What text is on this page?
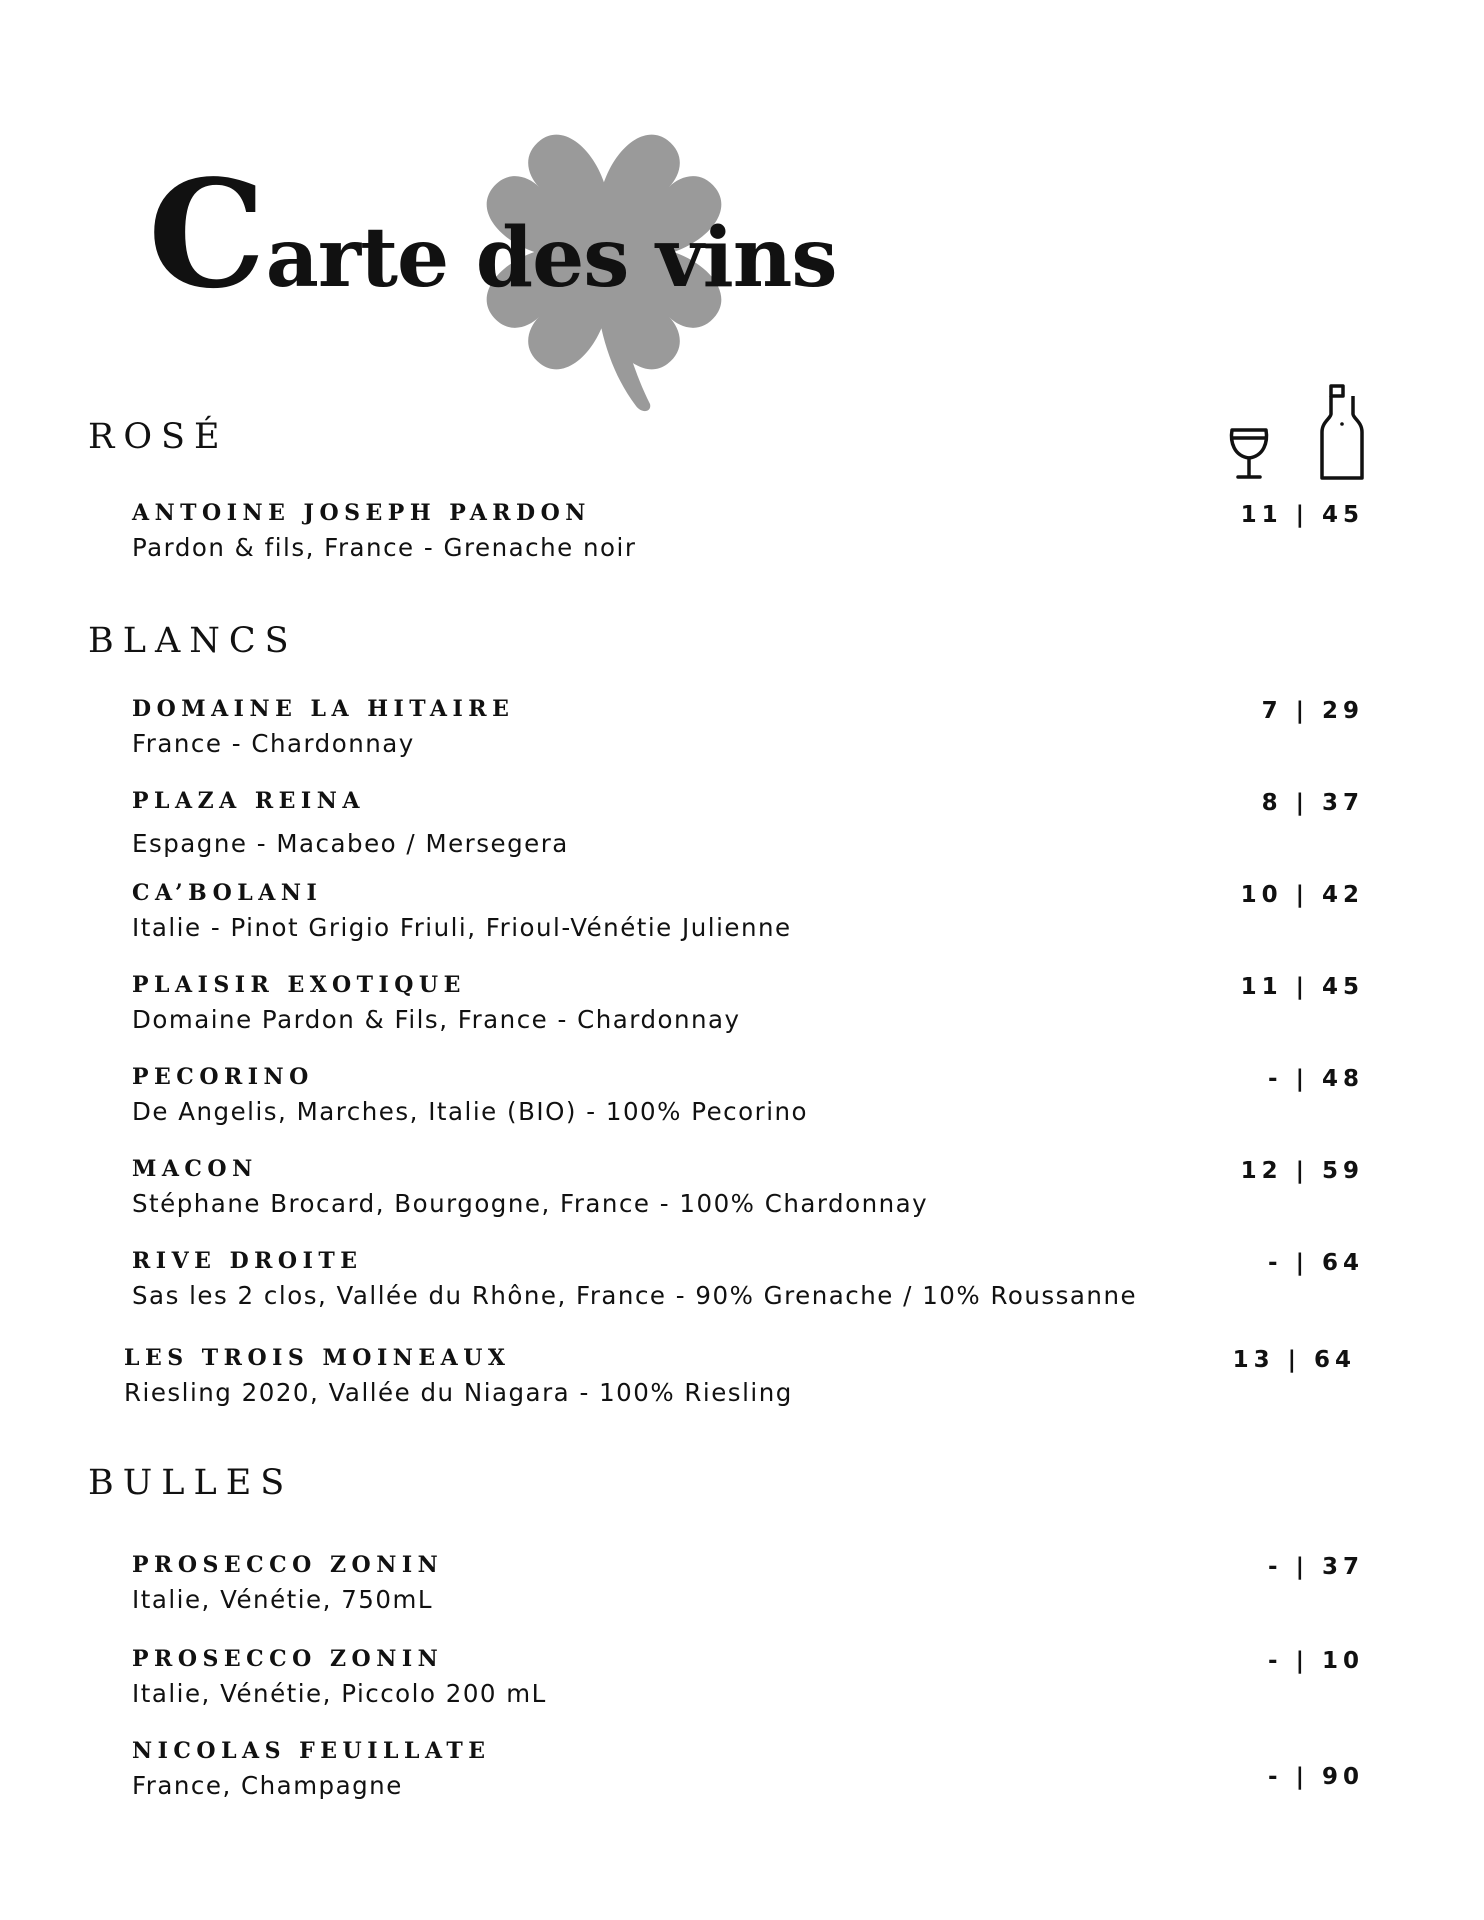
Carte des vins
ROSÉ
ANTOINE JOSEPH PARDON
Pardon & fils, France - Grenache noir
11 | 45
BLANCS
DOMAINE LA HITAIRE
France - Chardonnay
7 | 29
PLAZA REINA
Espagne - Macabeo / Mersegera
8 | 37
CA’BOLANI
Italie - Pinot Grigio Friuli, Frioul-Vénétie Julienne
10 | 42
PLAISIR EXOTIQUE
Domaine Pardon & Fils, France - Chardonnay
11 | 45
PECORINO
De Angelis, Marches, Italie (BIO) - 100% Pecorino
- | 48
MACON
Stéphane Brocard, Bourgogne, France - 100% Chardonnay
12 | 59
RIVE DROITE
Sas les 2 clos, Vallée du Rhône, France - 90% Grenache / 10% Roussanne
- | 64
LES TROIS MOINEAUX
Riesling 2020, Vallée du Niagara - 100% Riesling
13 | 64
BULLES
PROSECCO ZONIN
Italie, Vénétie, 750mL
- | 37
PROSECCO ZONIN
Italie, Vénétie, Piccolo 200 mL
- | 10
NICOLAS FEUILLATE
France, Champagne	- | 90
